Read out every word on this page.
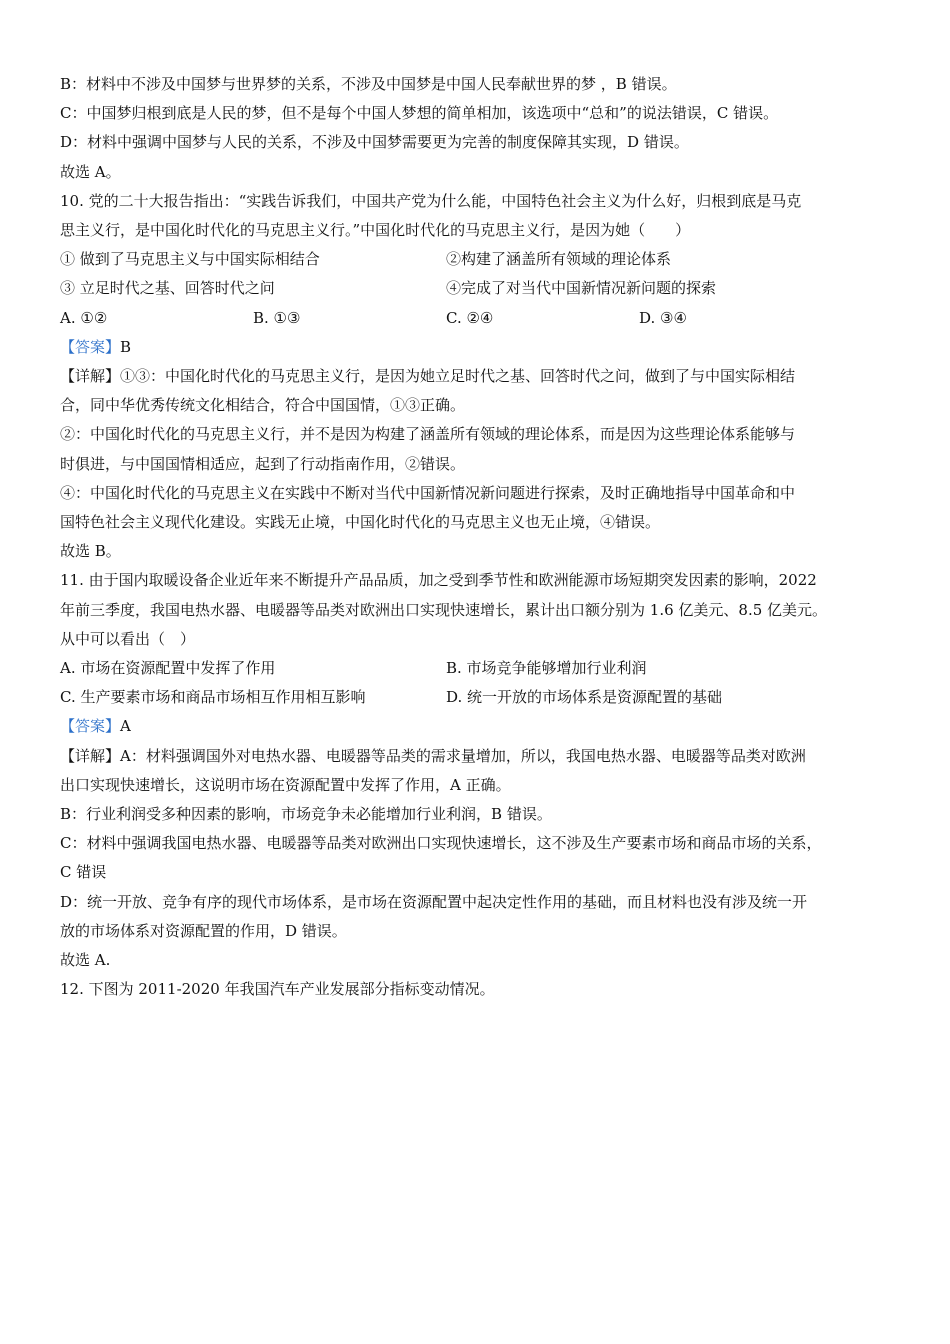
B：材料中不涉及中国梦与世界梦的关系，不涉及中国梦是中国人民奉献世界的梦 ，B 错误。
C：中国梦归根到底是人民的梦，但不是每个中国人梦想的简单相加，该选项中“总和”的说法错误，C 错误。
D：材料中强调中国梦与人民的关系，不涉及中国梦需要更为完善的制度保障其实现，D 错误。
故选 A。
10. 党的二十大报告指出：“实践告诉我们，中国共产党为什么能，中国特色社会主义为什么好，归根到底是马克
思主义行，是中国化时代化的马克思主义行。”中国化时代化的马克思主义行，是因为她（　　）
① 做到了马克思主义与中国实际相结合	②构建了涵盖所有领域的理论体系
③ 立足时代之基、回答时代之问	④完成了对当代中国新情况新问题的探索
A. ①②	B. ①③	C. ②④	D. ③④
【答案】B
【详解】①③：中国化时代化的马克思主义行，是因为她立足时代之基、回答时代之问，做到了与中国实际相结
合，同中华优秀传统文化相结合，符合中国国情，①③正确。
②：中国化时代化的马克思主义行，并不是因为构建了涵盖所有领域的理论体系，而是因为这些理论体系能够与
时俱进，与中国国情相适应，起到了行动指南作用，②错误。
④：中国化时代化的马克思主义在实践中不断对当代中国新情况新问题进行探索，及时正确地指导中国革命和中
国特色社会主义现代化建设。实践无止境，中国化时代化的马克思主义也无止境，④错误。
故选 B。
11. 由于国内取暖设备企业近年来不断提升产品品质，加之受到季节性和欧洲能源市场短期突发因素的影响，2022
年前三季度，我国电热水器、电暖器等品类对欧洲出口实现快速增长，累计出口额分别为 1.6 亿美元、8.5 亿美元。
从中可以看出（　）
A. 市场在资源配置中发挥了作用	B. 市场竞争能够增加行业利润
C. 生产要素市场和商品市场相互作用相互影响	D. 统一开放的市场体系是资源配置的基础
【答案】A
【详解】A：材料强调国外对电热水器、电暖器等品类的需求量增加，所以，我国电热水器、电暖器等品类对欧洲
出口实现快速增长，这说明市场在资源配置中发挥了作用，A 正确。
B：行业利润受多种因素的影响，市场竞争未必能增加行业利润，B 错误。
C：材料中强调我国电热水器、电暖器等品类对欧洲出口实现快速增长，这不涉及生产要素市场和商品市场的关系，
C 错误
D：统一开放、竞争有序的现代市场体系，是市场在资源配置中起决定性作用的基础，而且材料也没有涉及统一开
放的市场体系对资源配置的作用，D 错误。
故选 A.
12. 下图为 2011-2020 年我国汽车产业发展部分指标变动情况。
